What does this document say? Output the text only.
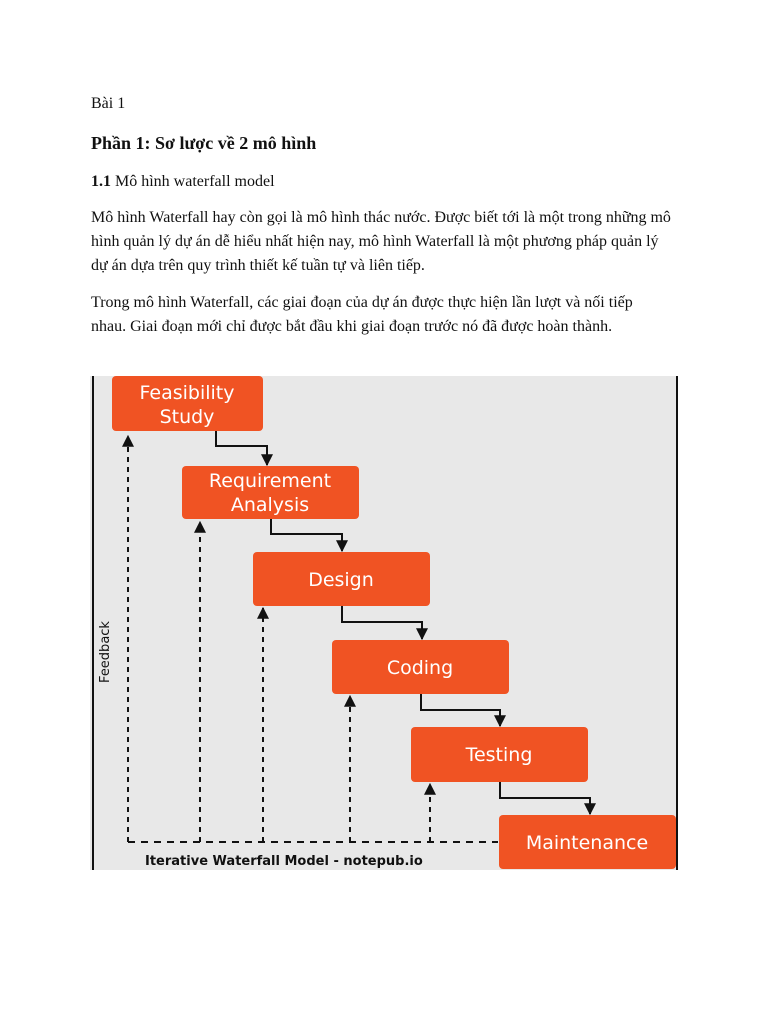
Bài 1

Phần 1: Sơ lược về 2 mô hình

1.1 Mô hình waterfall model

Mô hình Waterfall hay còn gọi là mô hình thác nước. Được biết tới là một trong những mô hình quản lý dự án dễ hiểu nhất hiện nay, mô hình Waterfall là một phương pháp quản lý dự án dựa trên quy trình thiết kế tuần tự và liên tiếp.

Trong mô hình Waterfall, các giai đoạn của dự án được thực hiện lần lượt và nối tiếp nhau. Giai đoạn mới chỉ được bắt đầu khi giai đoạn trước nó đã được hoàn thành.

Feasibility
Study
Requirement
Analysis
Design
Coding
Testing
Maintenance
Feedback
Iterative Waterfall Model - notepub.io
